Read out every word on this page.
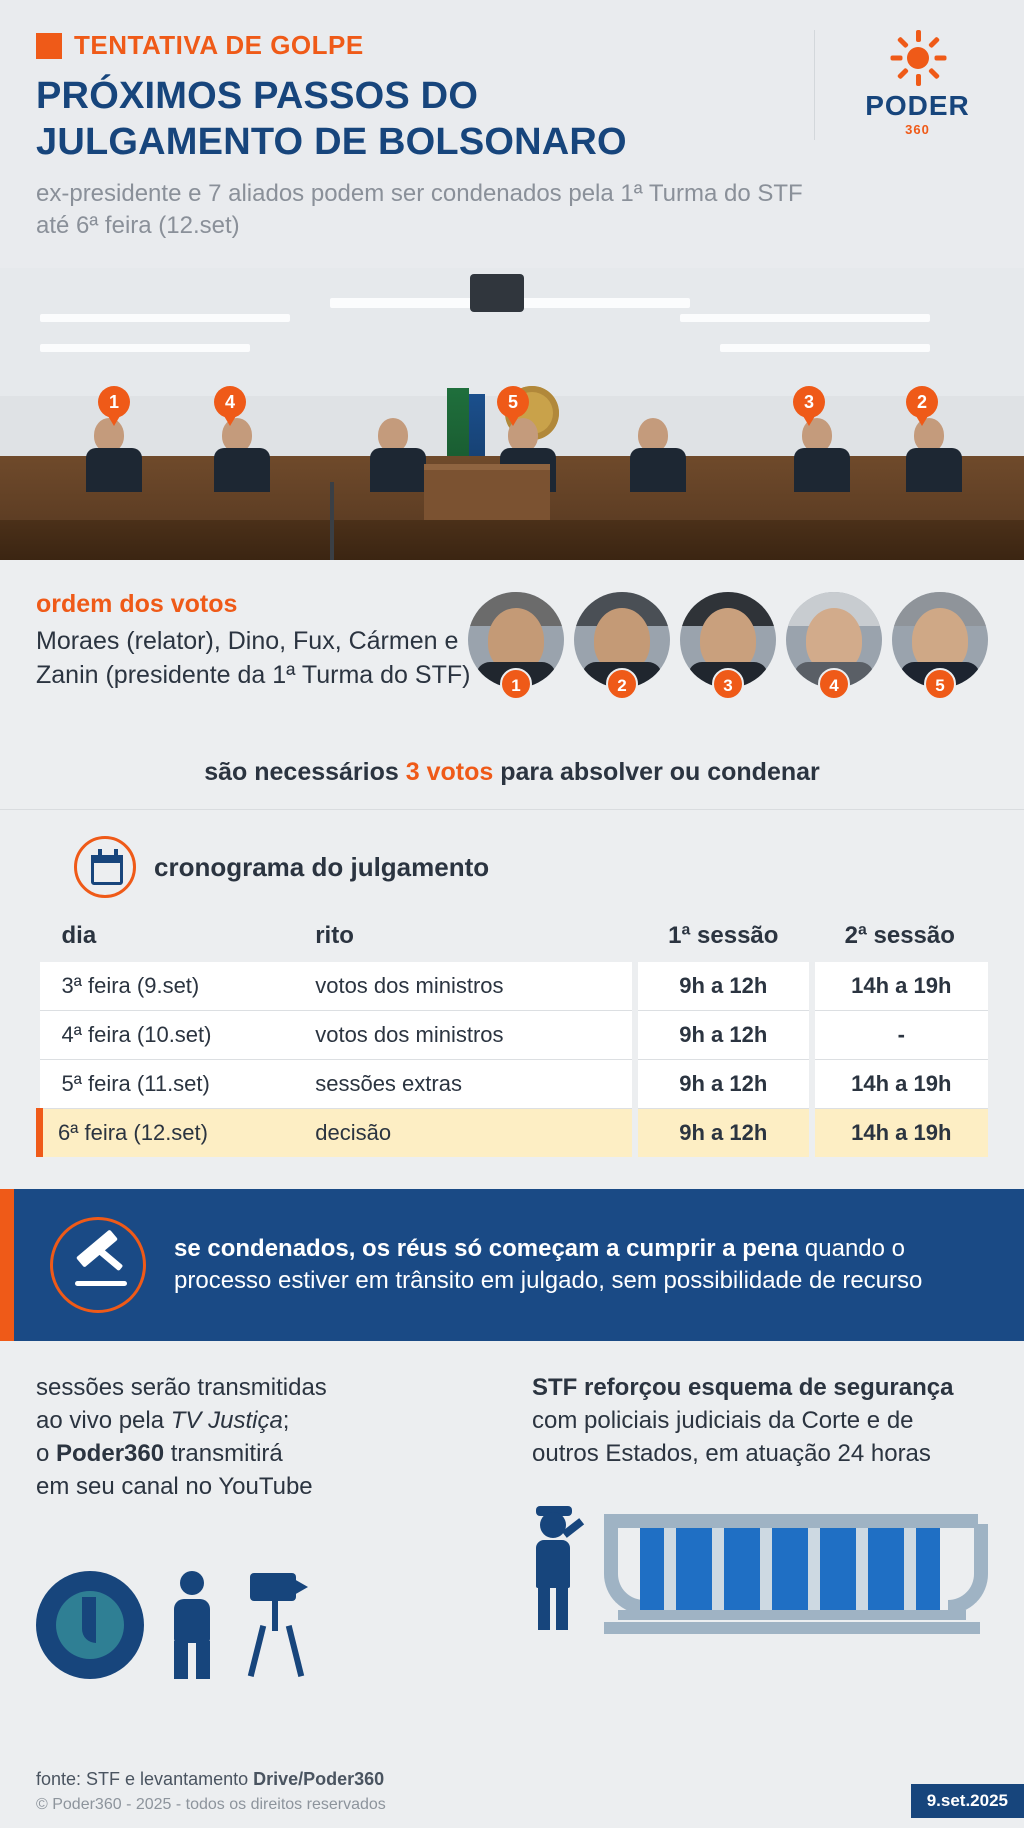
TENTATIVA DE GOLPE
PRÓXIMOS PASSOS DO
JULGAMENTO DE BOLSONARO
ex-presidente e 7 aliados podem ser condenados pela 1ª Turma do STF até 6ª feira (12.set)
PODER
360
1	4	5	3	2
ordem dos votos
Moraes (relator), Dino, Fux, Cármen e Zanin (presidente da 1ª Turma do STF)	1	2	3	4	5
são necessários 3 votos para absolver ou condenar
cronograma do julgamento
dia	rito	1ª sessão	2ª sessão
3ª feira (9.set)	votos dos ministros	9h a 12h	14h a 19h
4ª feira (10.set)	votos dos ministros	9h a 12h	-
5ª feira (11.set)	sessões extras	9h a 12h	14h a 19h
6ª feira (12.set)	decisão	9h a 12h	14h a 19h
se condenados, os réus só começam a cumprir a pena quando o processo estiver em trânsito em julgado, sem possibilidade de recurso
sessões serão transmitidas
ao vivo pela TV Justiça;
o Poder360 transmitirá
em seu canal no YouTube
STF reforçou esquema de segurança
com policiais judiciais da Corte e de
outros Estados, em atuação 24 horas
fonte: STF e levantamento Drive/Poder360
© Poder360 - 2025 - todos os direitos reservados	9.set.2025
